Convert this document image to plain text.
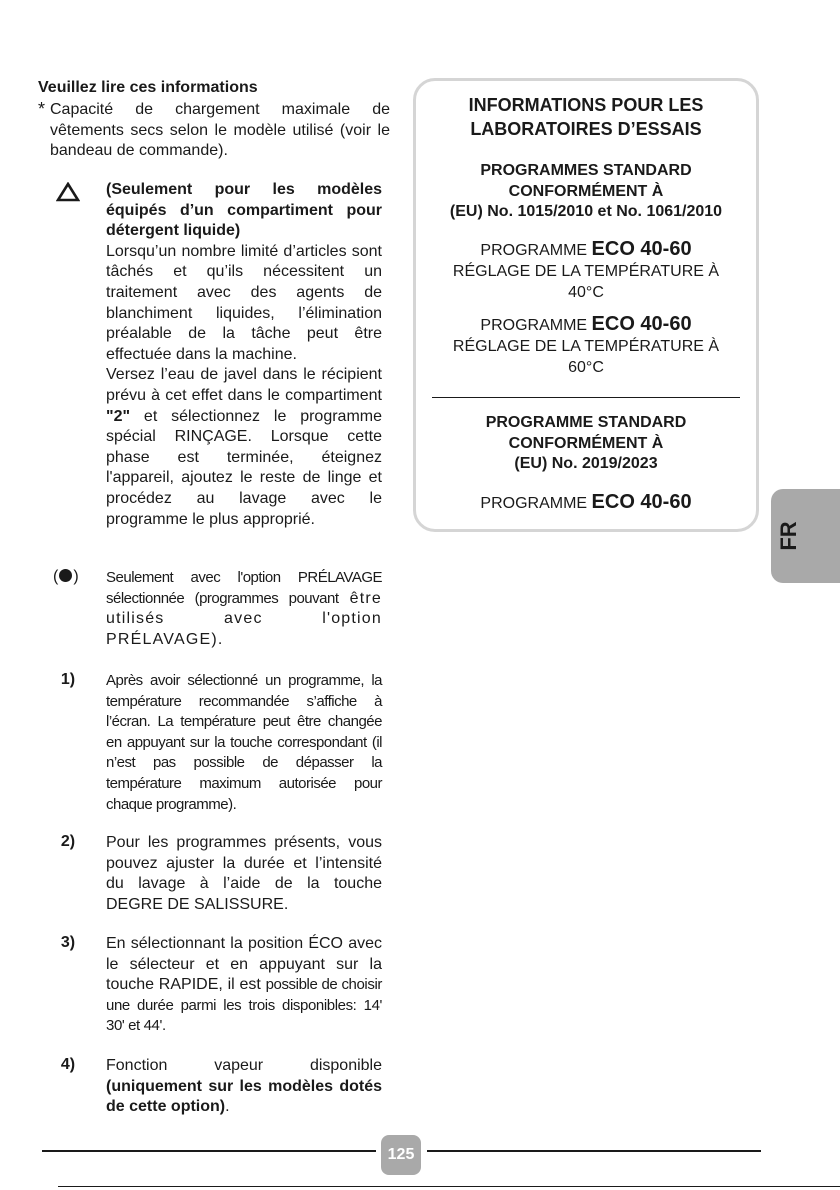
Veuillez lire ces informations

* Capacité de chargement maximale de vêtements secs selon le modèle utilisé (voir le bandeau de commande).
(Seulement pour les modèles équipés d’un compartiment pour détergent liquide)
Lorsqu’un nombre limité d’articles sont tâchés et qu’ils nécessitent un traitement avec des agents de blanchiment liquides, l’élimination préalable de la tâche peut être effectuée dans la machine.
Versez l’eau de javel dans le récipient prévu à cet effet dans le compartiment "2" et sélectionnez le programme spécial RINÇAGE. Lorsque cette phase est terminée, éteignez l'appareil, ajoutez le reste de linge et procédez au lavage avec le programme le plus approprié.
( ) Seulement avec l'option PRÉLAVAGE sélectionnée (programmes pouvant être utilisés avec l'option PRÉLAVAGE).
1)	Après avoir sélectionné un programme, la température recommandée s’affiche à l’écran. La température peut être changée en appuyant sur la touche correspondant (il n’est pas possible de dépasser la température maximum autorisée pour chaque programme).
2)	Pour les programmes présents, vous pouvez ajuster la durée et l’intensité du lavage à l’aide de la touche DEGRE DE SALISSURE.
3)	En sélectionnant la position ÉCO avec le sélecteur et en appuyant sur la touche RAPIDE, il est possible de choisir une durée parmi les trois disponibles: 14' 30' et 44'.
4)	Fonction vapeur disponible (uniquement sur les modèles dotés de cette option).
INFORMATIONS POUR LES
LABORATOIRES D’ESSAIS
PROGRAMMES STANDARD
CONFORMÉMENT À
(EU) No. 1015/2010 et No. 1061/2010
PROGRAMME ECO 40-60
RÉGLAGE DE LA TEMPÉRATURE À
40°C
PROGRAMME ECO 40-60
RÉGLAGE DE LA TEMPÉRATURE À
60°C
PROGRAMME STANDARD
CONFORMÉMENT À
(EU) No. 2019/2023
PROGRAMME ECO 40-60
FR
125
